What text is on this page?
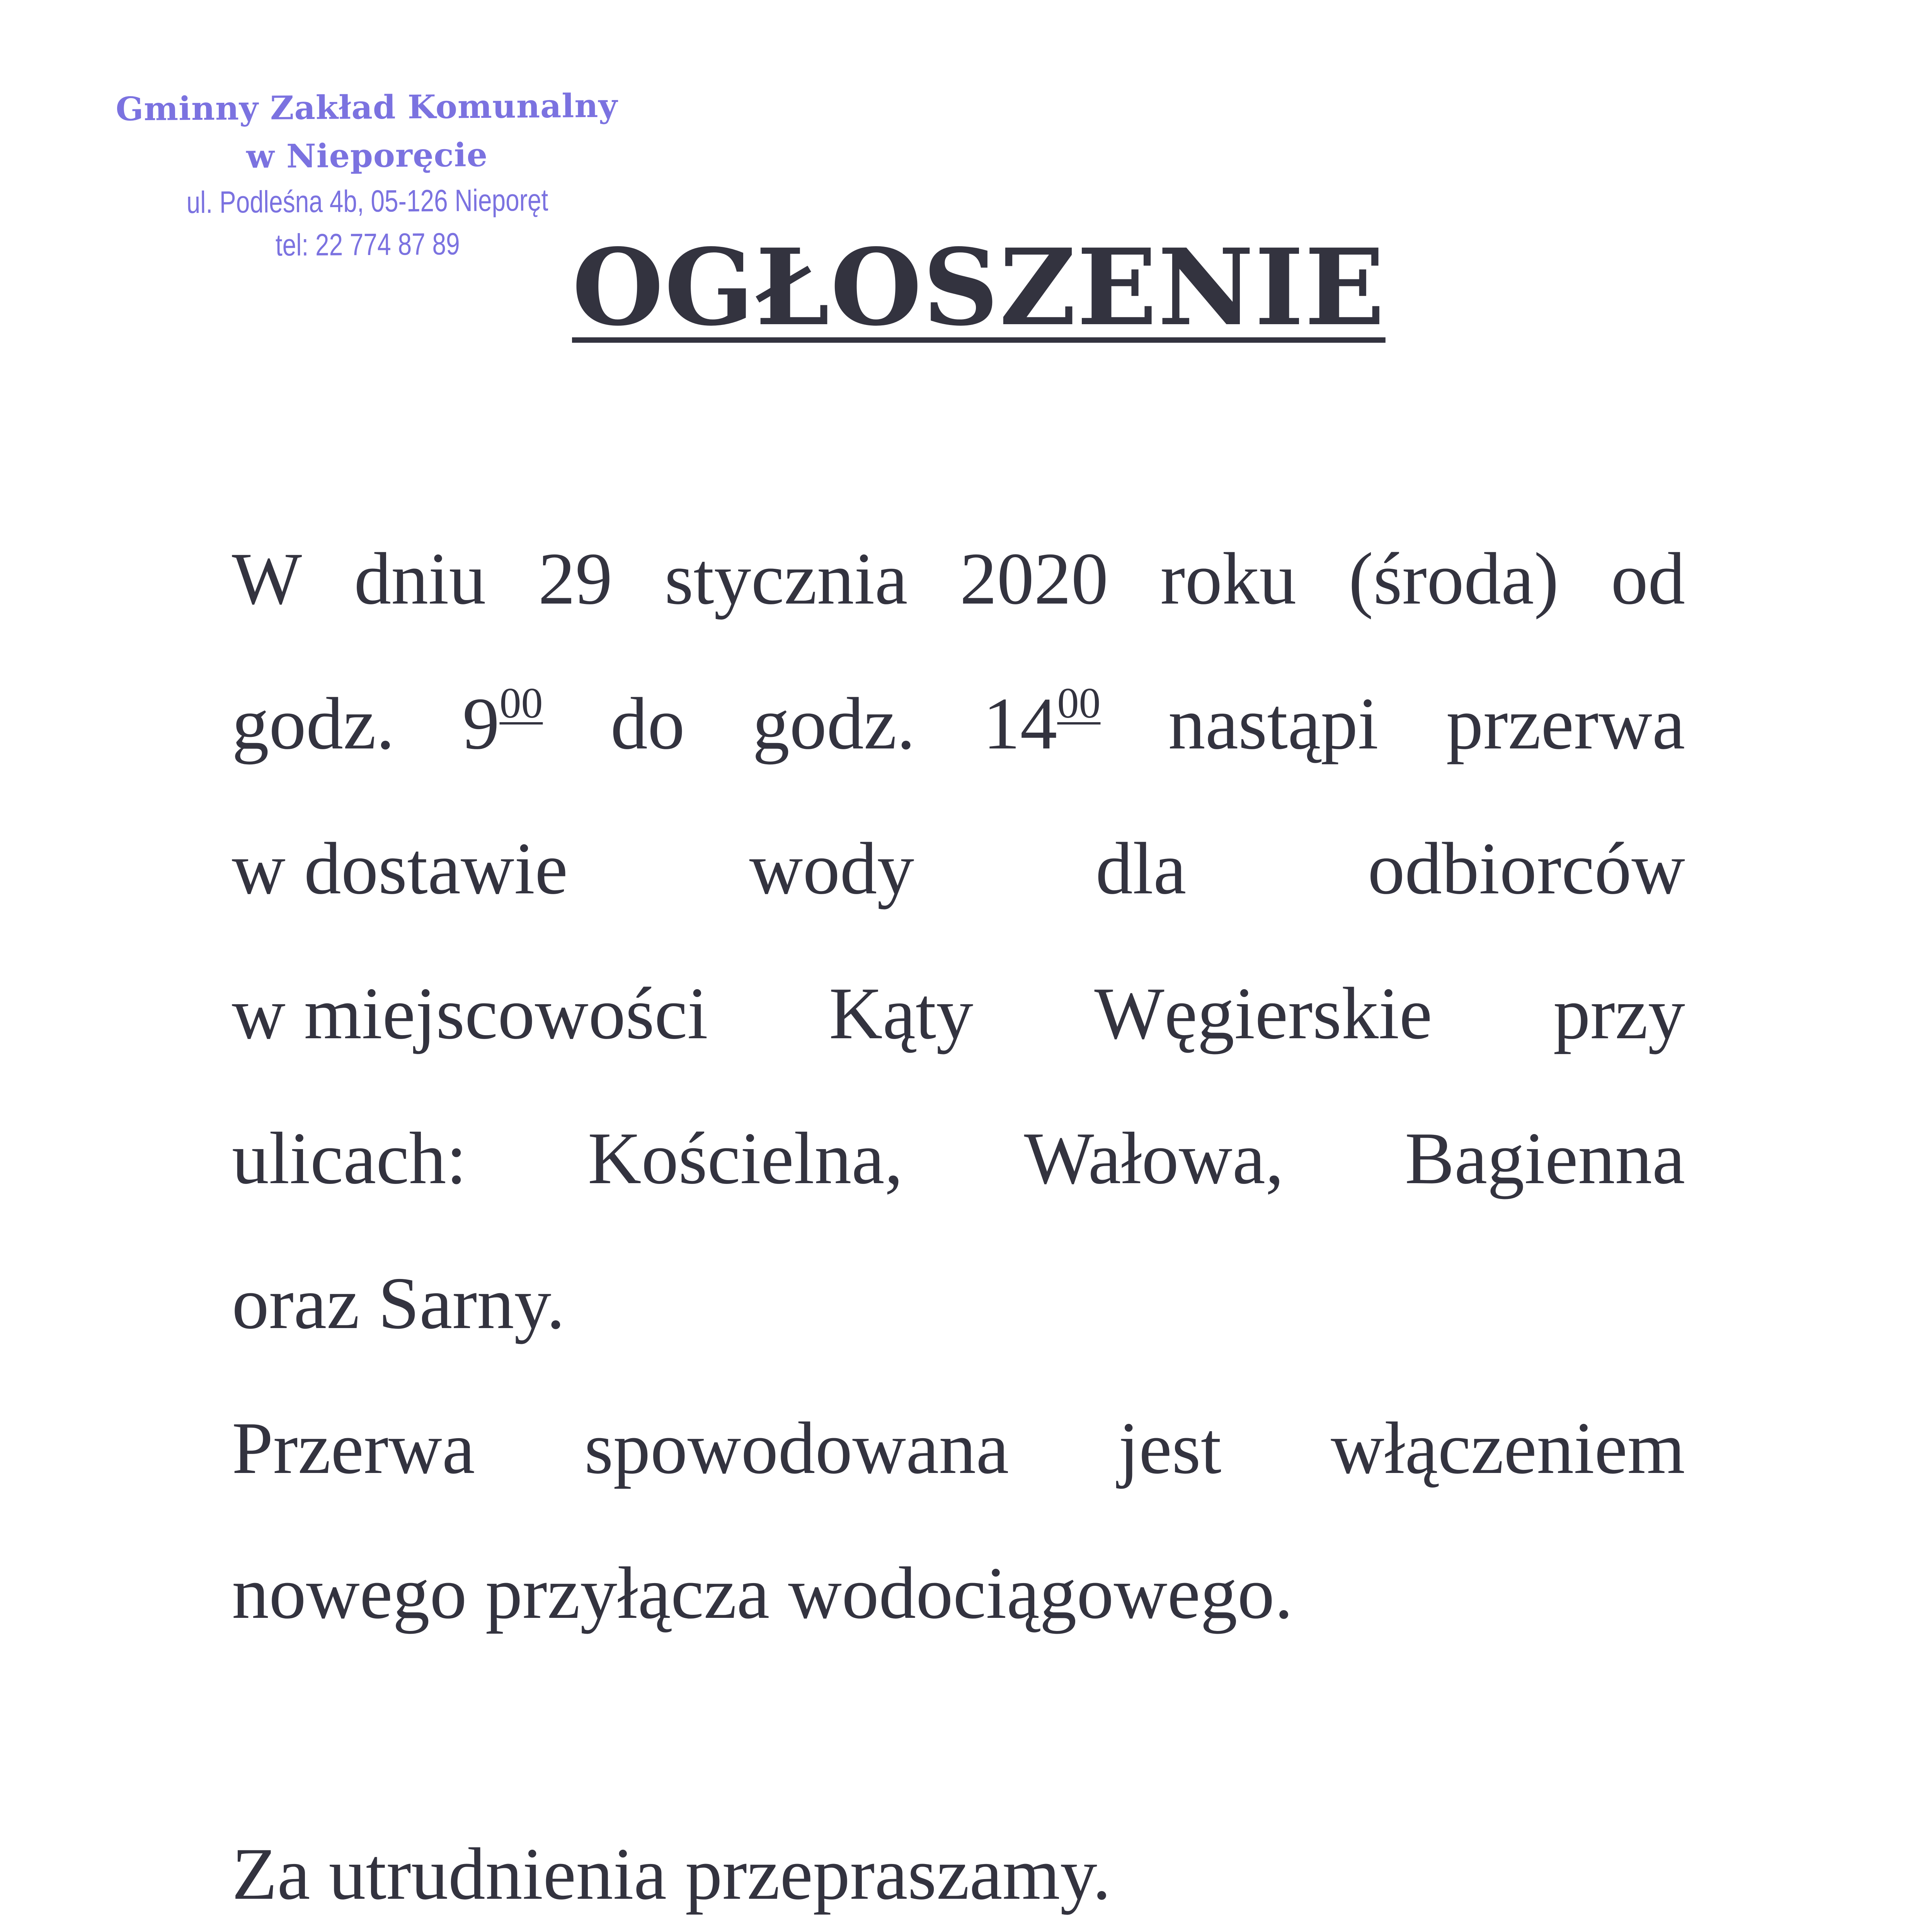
Gminny Zakład Komunalny
w Nieporęcie
ul. Podleśna 4b, 05-126 Nieporęt
tel: 22 774 87 89	OGŁOSZENIE
W dniu 29 stycznia 2020 roku (środa) od
godz. $9^{00}$ do godz. $14^{00}$ nastąpi przerwa
w dostawie wody dla odbiorców
w miejscowości Kąty Węgierskie przy
ulicach: Kościelna, Wałowa, Bagienna
oraz Sarny.
Przerwa spowodowana jest włączeniem
nowego przyłącza wodociągowego.
Za utrudnienia przepraszamy.
